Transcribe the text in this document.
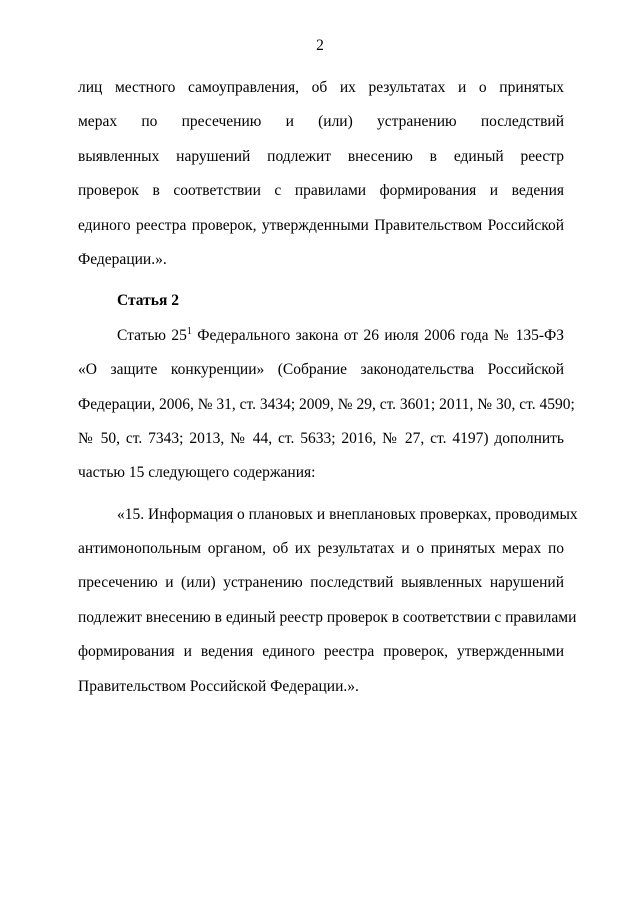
2
лиц местного самоуправления, об их результатах и о принятых
мерах по пресечению и (или) устранению последствий
выявленных нарушений подлежит внесению в единый реестр
проверок в соответствии с правилами формирования и ведения
единого реестра проверок, утвержденными Правительством Российской
Федерации.».
Статья 2
Статью $25^1$ Федерального закона от 26 июля 2006 года № 135-ФЗ
«О защите конкуренции» (Собрание законодательства Российской
Федерации, 2006, № 31, ст. 3434; 2009, № 29, ст. 3601; 2011, № 30, ст. 4590;
№ 50, ст. 7343; 2013, № 44, ст. 5633; 2016, № 27, ст. 4197) дополнить
частью 15 следующего содержания:
«15. Информация о плановых и внеплановых проверках, проводимых
антимонопольным органом, об их результатах и о принятых мерах по
пресечению и (или) устранению последствий выявленных нарушений
подлежит внесению в единый реестр проверок в соответствии с правилами
формирования и ведения единого реестра проверок, утвержденными
Правительством Российской Федерации.».
